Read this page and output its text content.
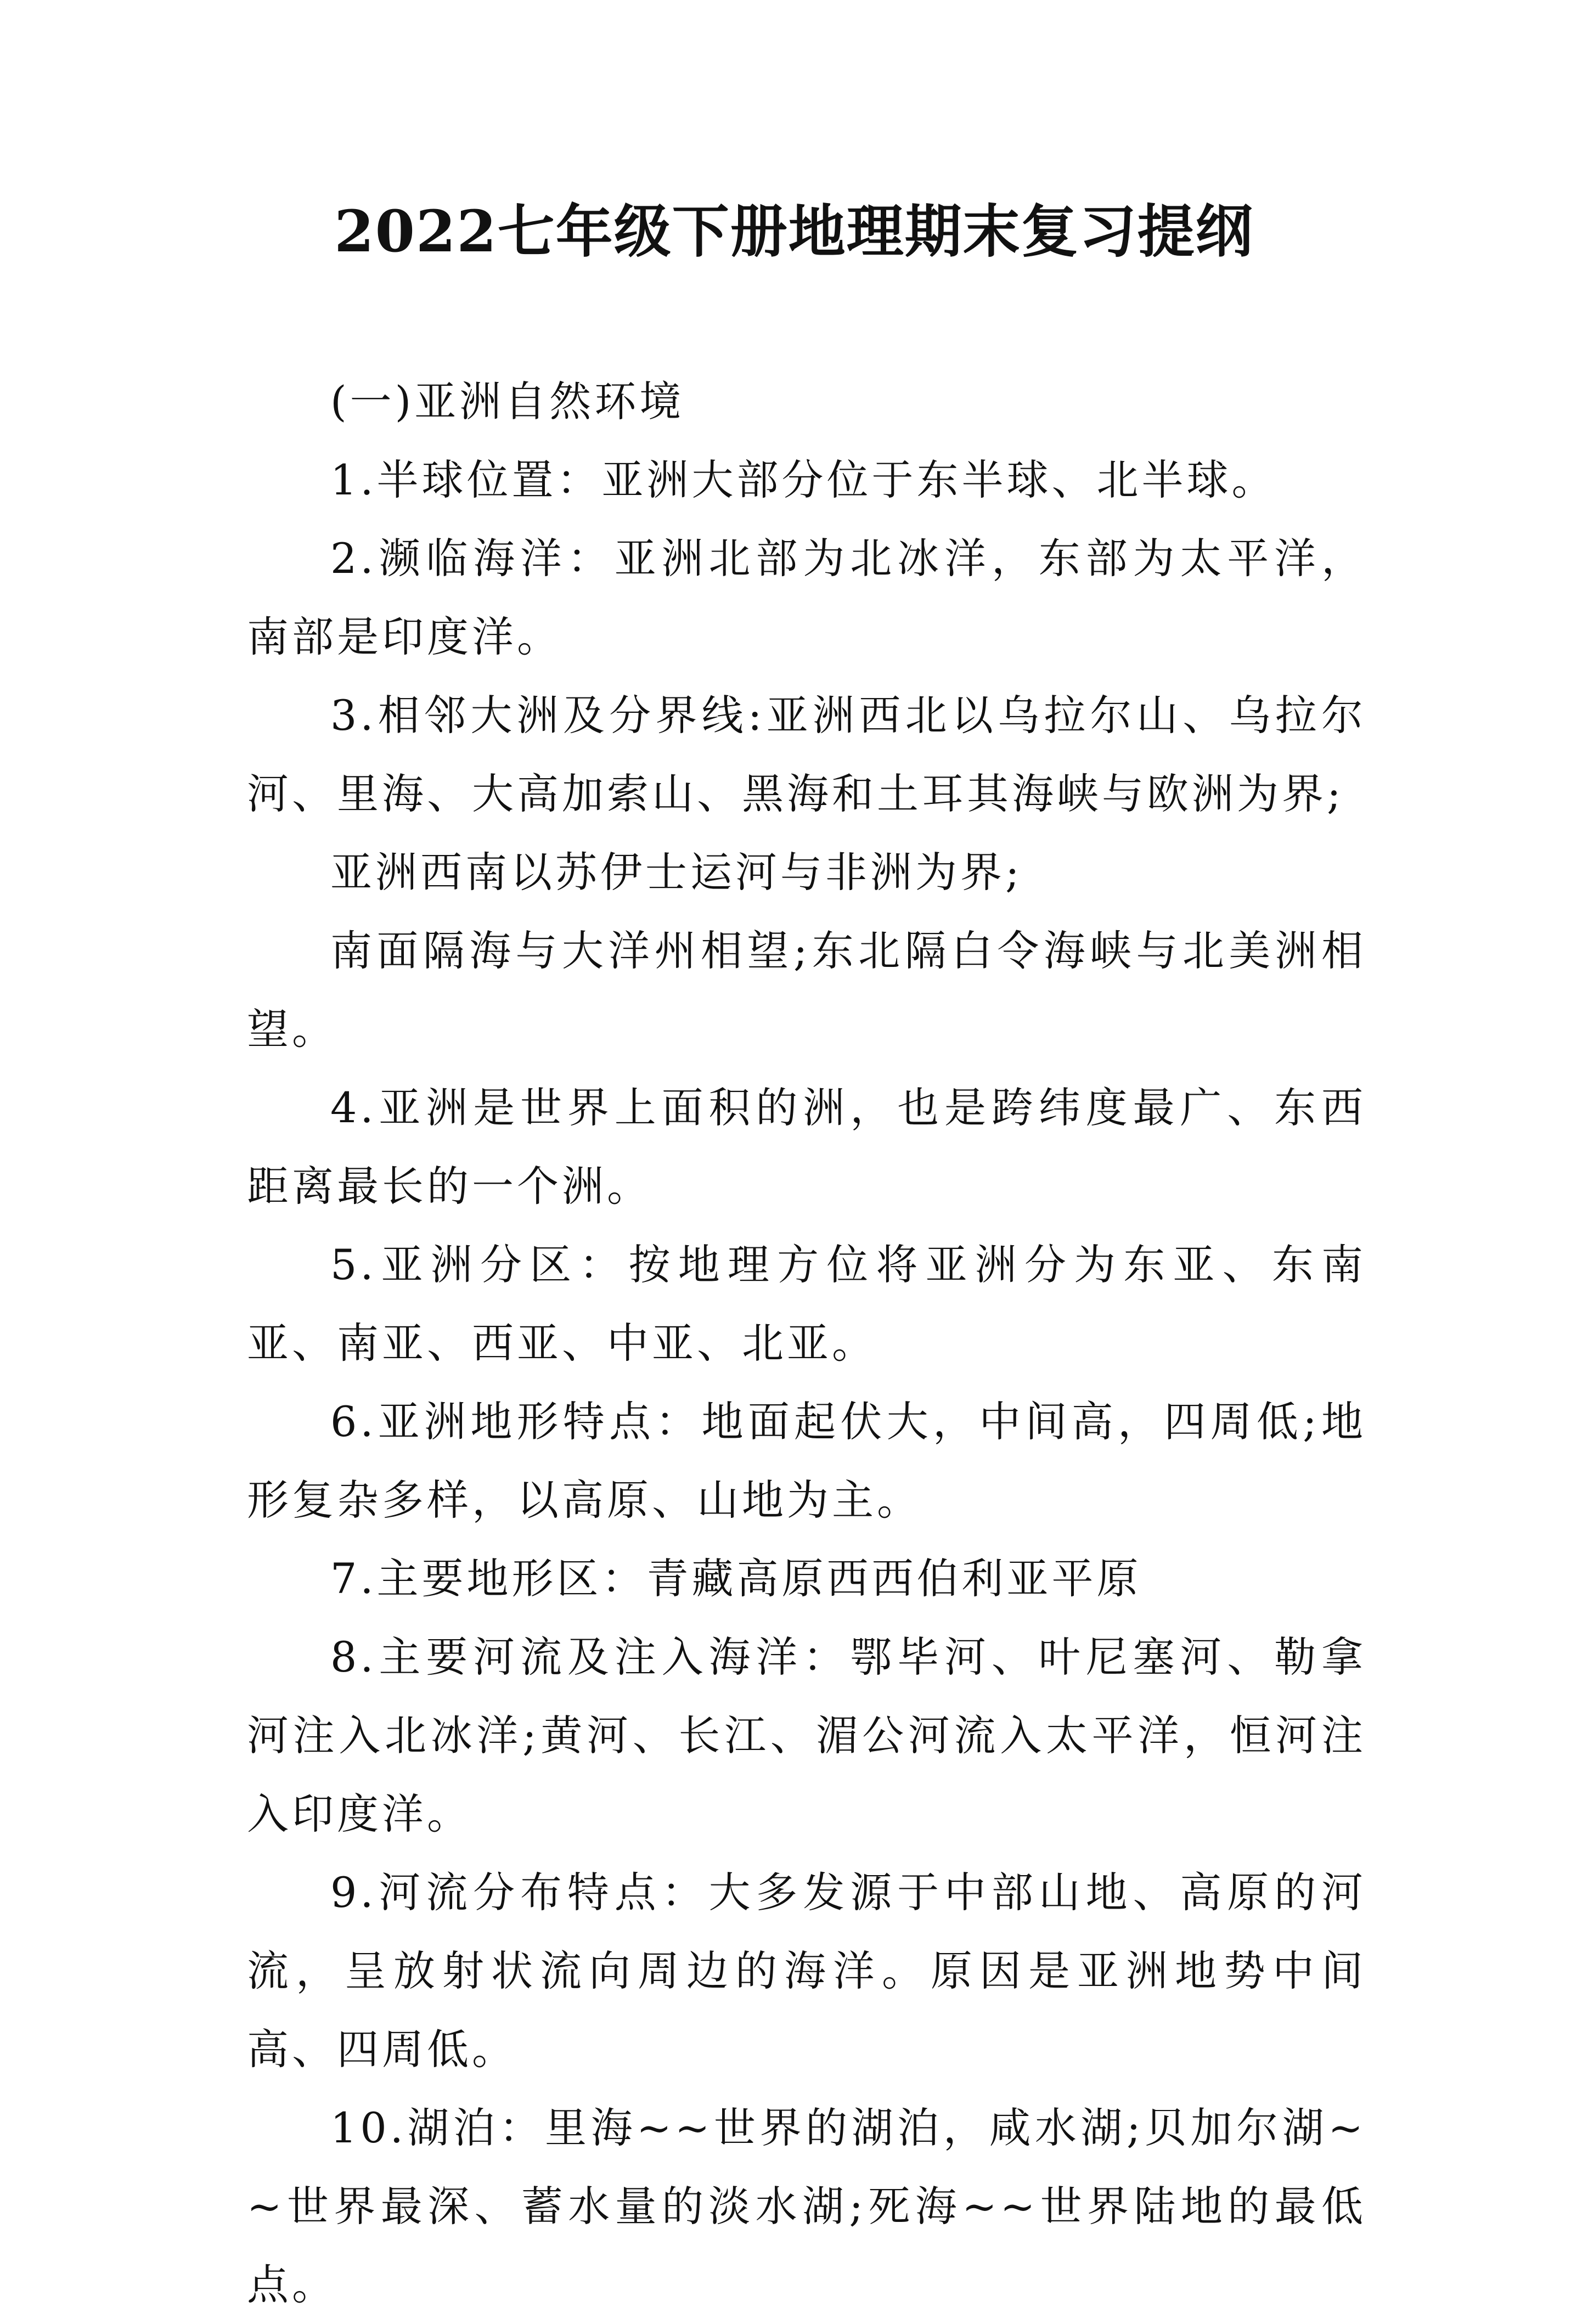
2022七年级下册地理期末复习提纲

(一)亚洲自然环境

1.半球位置：亚洲大部分位于东半球、北半球。

2.濒临海洋：亚洲北部为北冰洋，东部为太平洋，南部是印度洋。

3.相邻大洲及分界线:亚洲西北以乌拉尔山、乌拉尔河、里海、大高加索山、黑海和土耳其海峡与欧洲为界;

亚洲西南以苏伊士运河与非洲为界;

南面隔海与大洋州相望;东北隔白令海峡与北美洲相望。

4.亚洲是世界上面积的洲，也是跨纬度最广、东西距离最长的一个洲。

5.亚洲分区：按地理方位将亚洲分为东亚、东南亚、南亚、西亚、中亚、北亚。

6.亚洲地形特点：地面起伏大，中间高，四周低;地形复杂多样，以高原、山地为主。

7.主要地形区：青藏高原西西伯利亚平原

8.主要河流及注入海洋：鄂毕河、叶尼塞河、勒拿河注入北冰洋;黄河、长江、湄公河流入太平洋，恒河注入印度洋。

9.河流分布特点：大多发源于中部山地、高原的河流，呈放射状流向周边的海洋。原因是亚洲地势中间高、四周低。

10.湖泊：里海~~世界的湖泊，咸水湖;贝加尔湖~~世界最深、蓄水量的淡水湖;死海~~世界陆地的最低点。
